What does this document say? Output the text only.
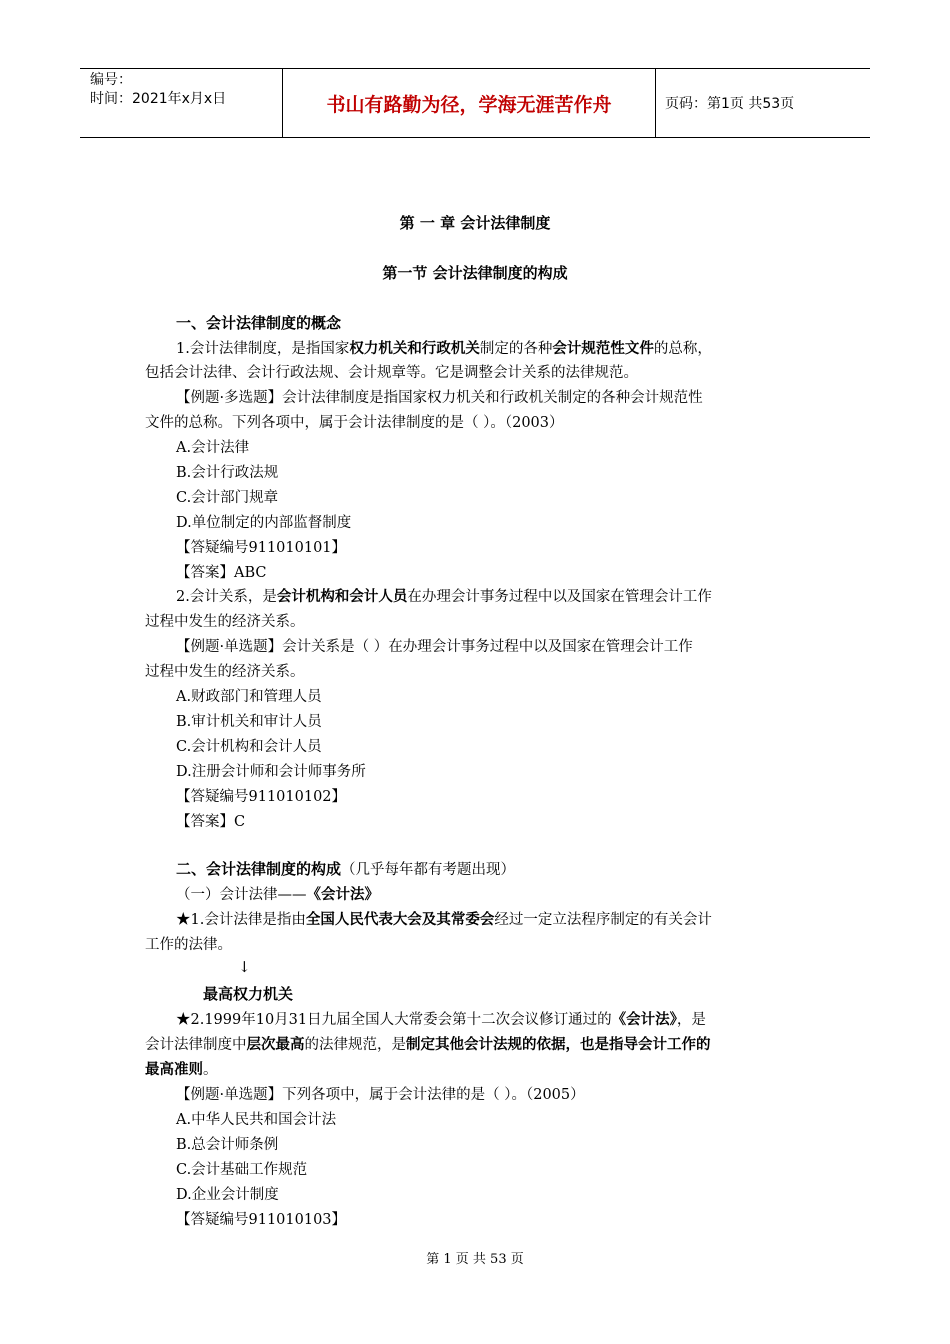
编号：
时间：2021年x月x日	书山有路勤为径，学海无涯苦作舟	页码：第1页 共53页
第 一 章 会计法律制度
第一节 会计法律制度的构成
一、会计法律制度的概念
1.会计法律制度，是指国家权力机关和行政机关制定的各种会计规范性文件的总称，
包括会计法律、会计行政法规、会计规章等。它是调整会计关系的法律规范。
【例题·多选题】会计法律制度是指国家权力机关和行政机关制定的各种会计规范性
文件的总称。下列各项中，属于会计法律制度的是（ ）。（2003）
A.会计法律
B.会计行政法规
C.会计部门规章
D.单位制定的内部监督制度
【答疑编号911010101】
【答案】ABC
2.会计关系，是会计机构和会计人员在办理会计事务过程中以及国家在管理会计工作
过程中发生的经济关系。
【例题·单选题】会计关系是（ ）在办理会计事务过程中以及国家在管理会计工作
过程中发生的经济关系。
A.财政部门和管理人员
B.审计机关和审计人员
C.会计机构和会计人员
D.注册会计师和会计师事务所
【答疑编号911010102】
【答案】C
二、会计法律制度的构成（几乎每年都有考题出现）
（一）会计法律——《会计法》
★1.会计法律是指由全国人民代表大会及其常委会经过一定立法程序制定的有关会计
工作的法律。
↓
最高权力机关
★2.1999年10月31日九届全国人大常委会第十二次会议修订通过的《会计法》，是
会计法律制度中层次最高的法律规范，是制定其他会计法规的依据，也是指导会计工作的
最高准则。
【例题·单选题】下列各项中，属于会计法律的是（ ）。（2005）
A.中华人民共和国会计法
B.总会计师条例
C.会计基础工作规范
D.企业会计制度
【答疑编号911010103】
第 1 页 共 53 页
